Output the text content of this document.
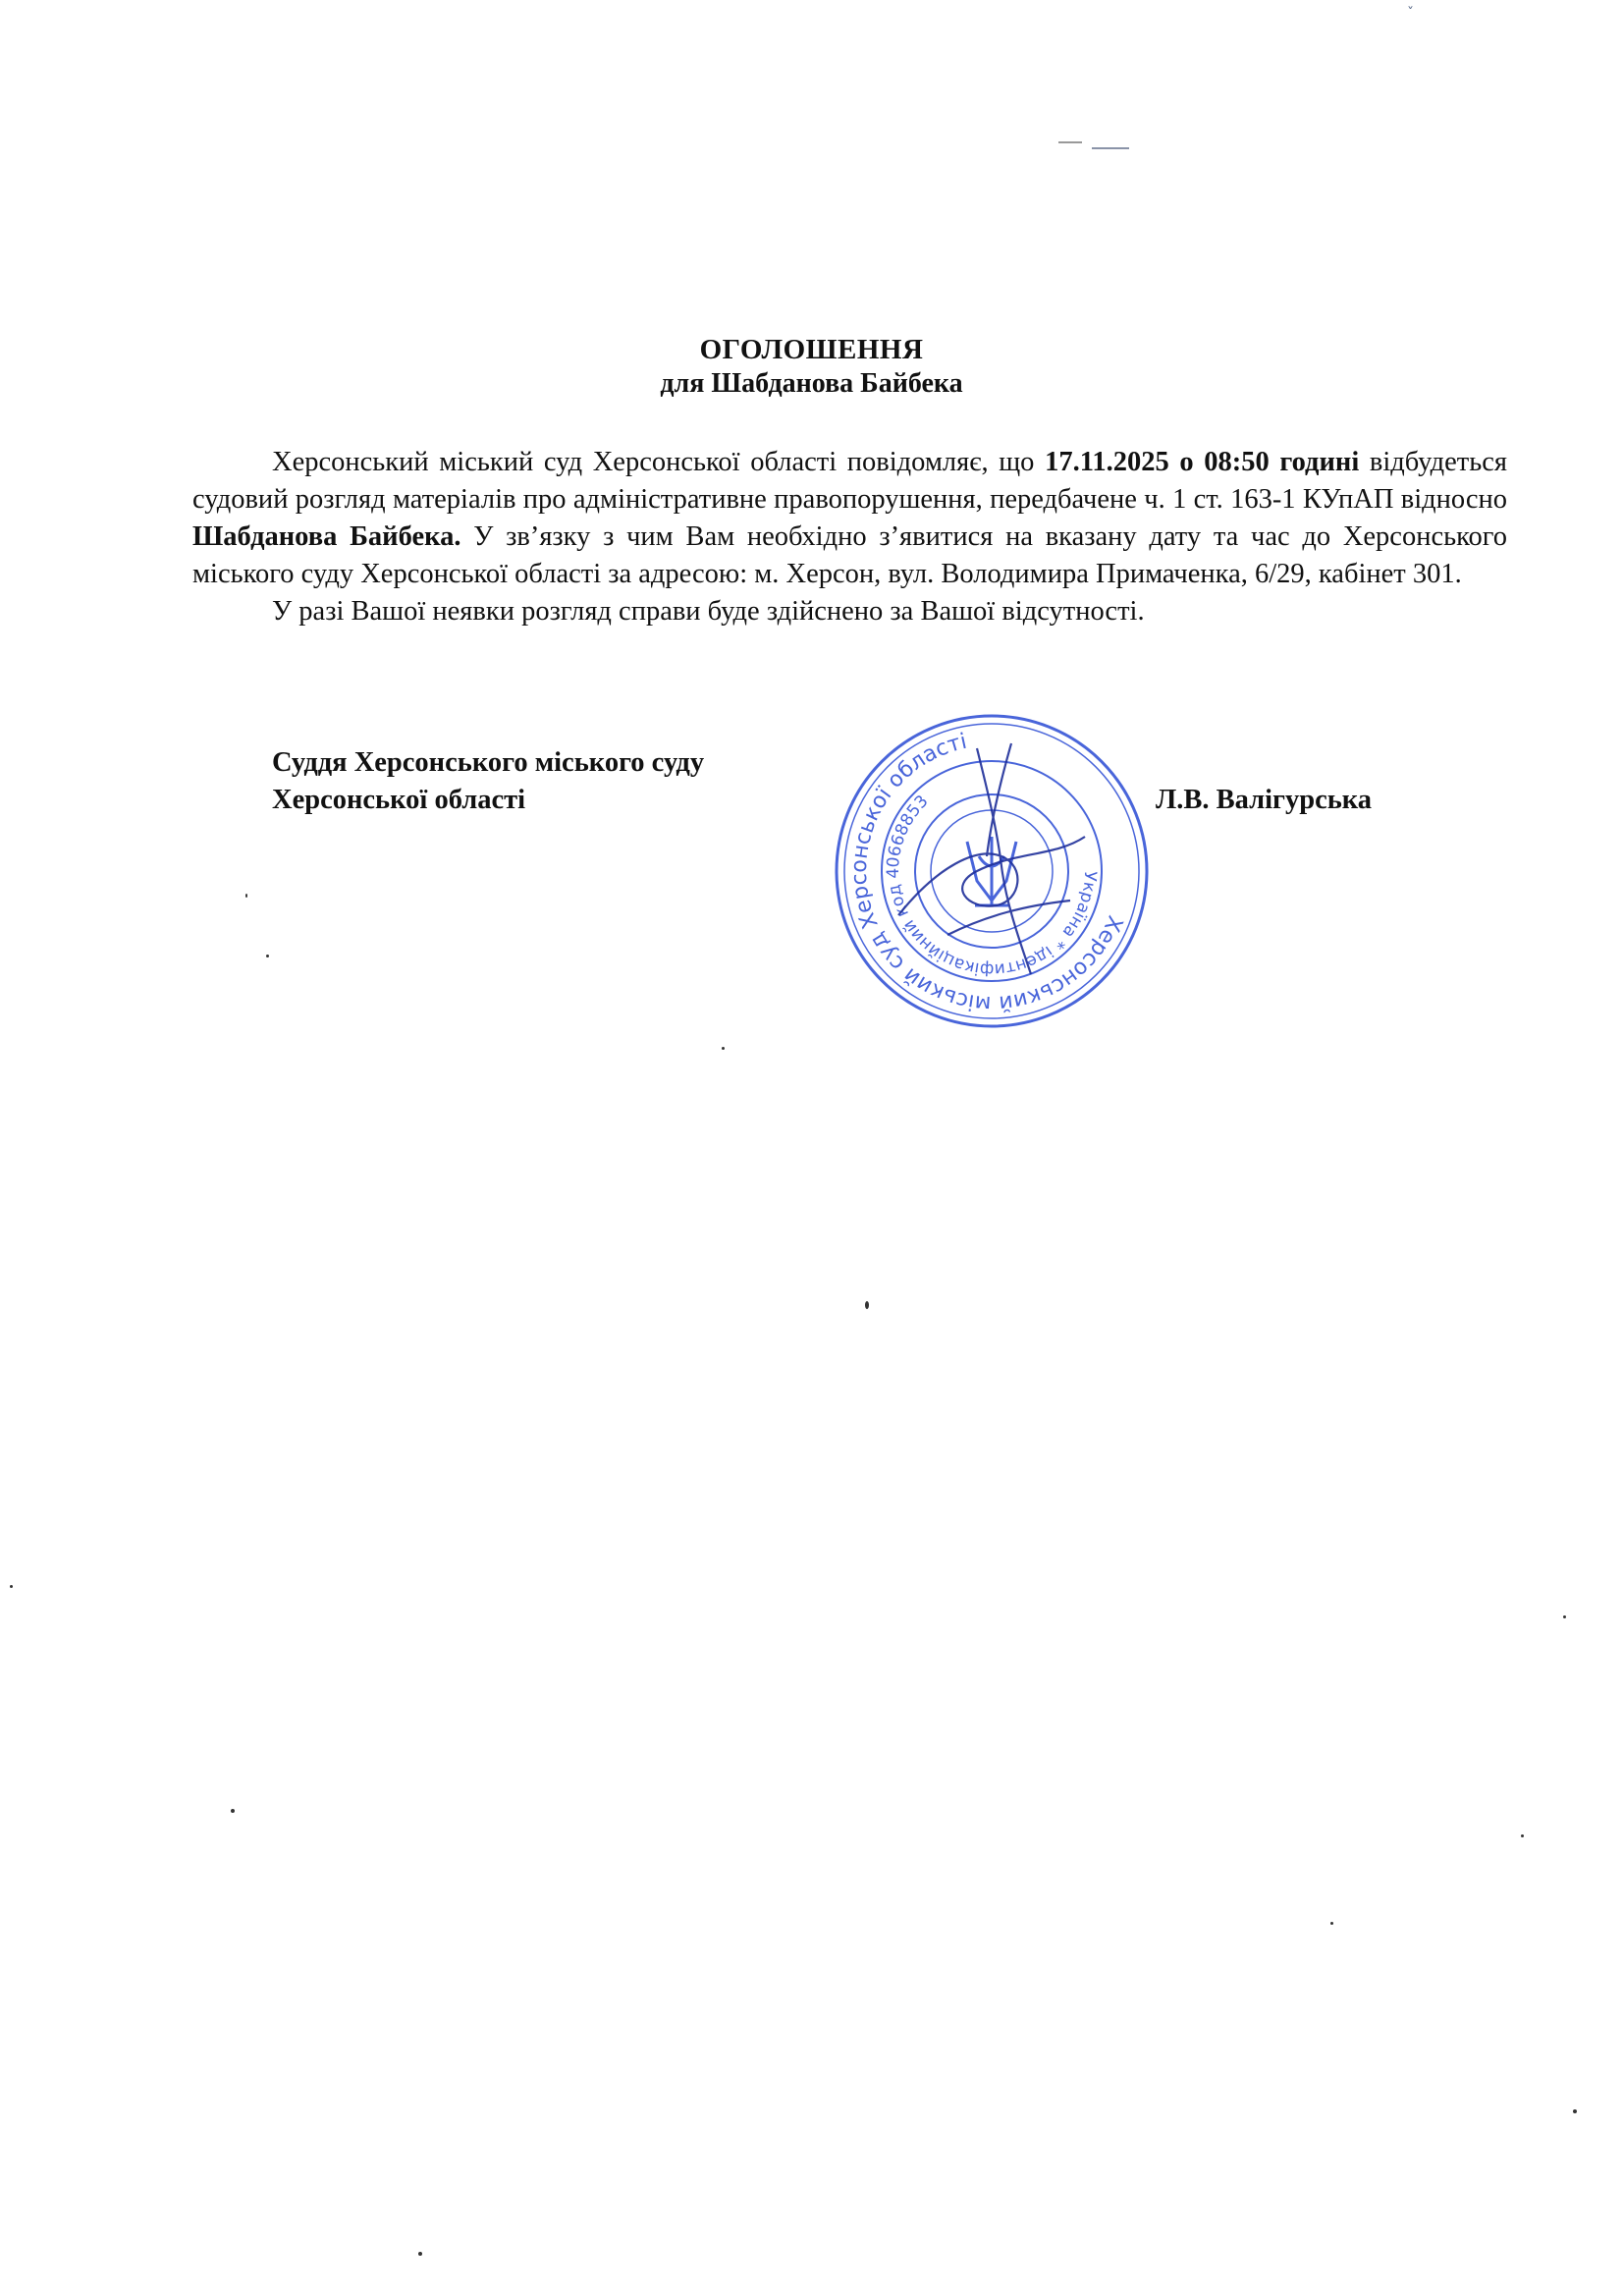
ˇ
ОГОЛОШЕННЯ
для Шабданова Байбека

Херсонський міський суд Херсонської області повідомляє, що 17.11.2025 о 08:50 годині відбудеться судовий розгляд матеріалів про адміністративне правопорушення, передбачене ч. 1 ст. 163-1 КУпАП відносно Шабданова Байбека. У зв’язку з чим Вам необхідно з’явитися на вказану дату та час до Херсонського міського суду Херсонської області за адресою: м. Херсон, вул. Володимира Примаченка, 6/29, кабінет 301.

У разі Вашої неявки розгляд справи буде здійснено за Вашої відсутності.

Суддя Херсонського міського суду
Херсонської області	Л.В. Валігурська
Херсонський міський суд Херсонської області
Україна * ідентифікаційний код 40668853
